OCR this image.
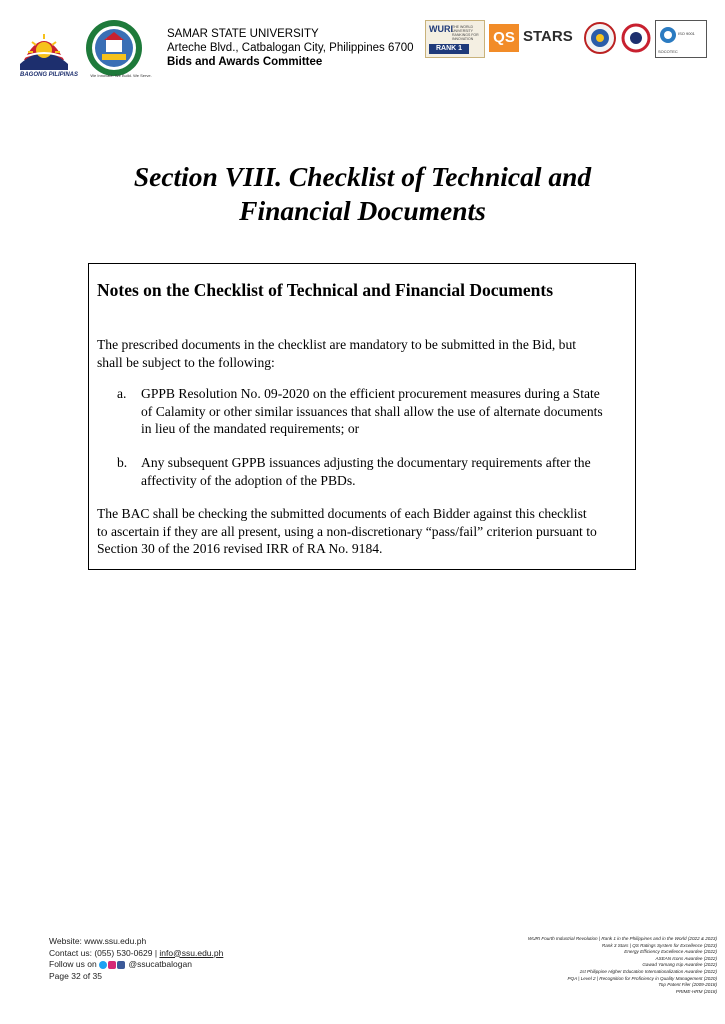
BAGONG PILIPINAS	We Innovate. We Build. We Serve.
SAMAR STATE UNIVERSITY
Arteche Blvd., Catbalogan City, Philippines 6700
Bids and Awards Committee
WURI THE WORLD UNIVERSITY RANKINGS FOR INNOVATION
RANK 1
QS STARS	ISO 9001
SOCOTEC
Section VIII. Checklist of Technical and
Financial Documents
Notes on the Checklist of Technical and Financial Documents

The prescribed documents in the checklist are mandatory to be submitted in the Bid, but
shall be subject to the following:

a.	GPPB Resolution No. 09-2020 on the efficient procurement measures during a State
of Calamity or other similar issuances that shall allow the use of alternate documents
in lieu of the mandated requirements; or
b.	Any subsequent GPPB issuances adjusting the documentary requirements after the
affectivity of the adoption of the PBDs.

The BAC shall be checking the submitted documents of each Bidder against this checklist
to ascertain if they are all present, using a non-discretionary “pass/fail” criterion pursuant to
Section 30 of the 2016 revised IRR of RA No. 9184.

Website: www.ssu.edu.ph
Contact us: (055) 530-0629 | info@ssu.edu.ph
Follow us on	@ssucatbalogan
Page 32 of 35
WURI Fourth Industrial Revolution | Rank 1 in the Philippines and in the World (2022 & 2023)
Rank 3 Stars | QS Ratings System for Excellence (2023)
Energy Efficiency Excellence Awardee (2022)
ASEAN Icons Awardee (2022)
Gawad Yamang Isip Awardee (2022)
1st Philippine Higher Education Internationalization Awardee (2022)
PQA | Level 2 | Recognition for Proficiency in Quality Management (2020)
Top Patent Filer (2009-2018)
PRIME-HRM (2018)
